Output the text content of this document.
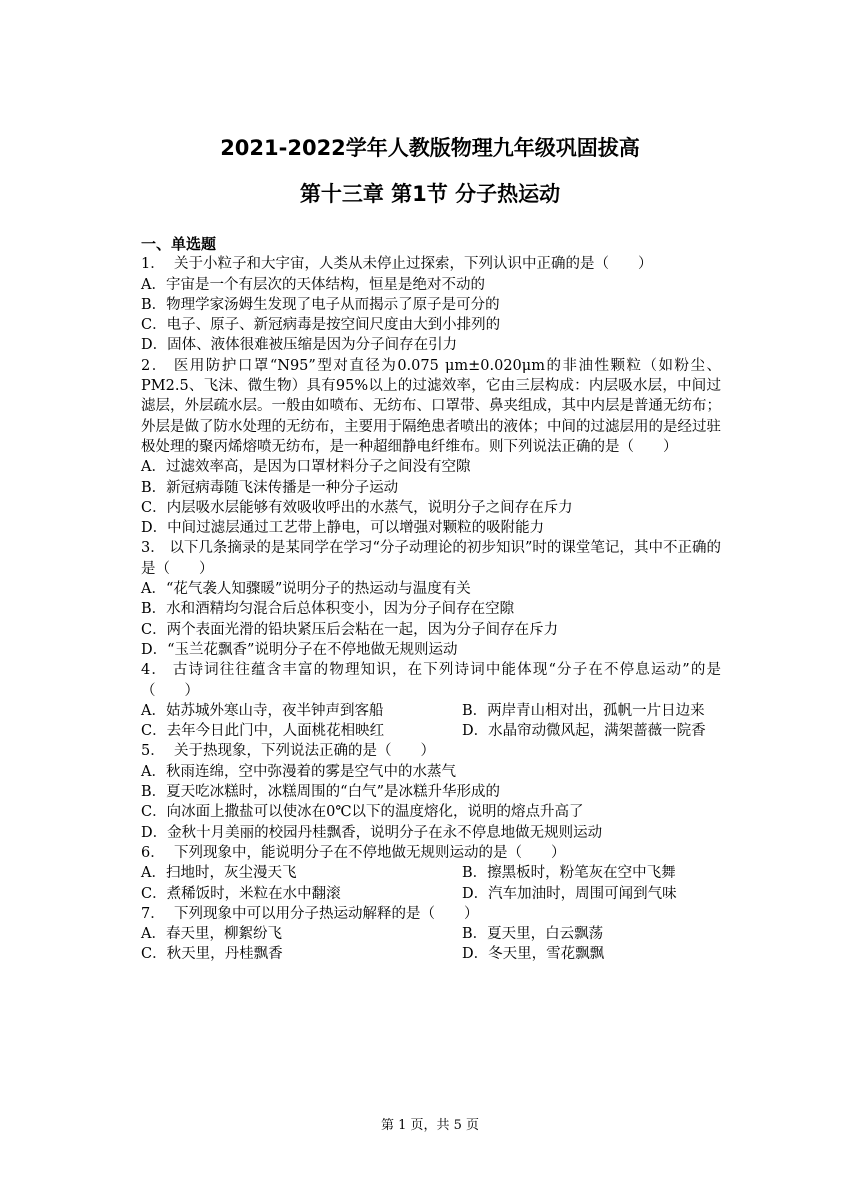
2021-2022学年人教版物理九年级巩固拔高
第十三章 第1节 分子热运动
一、单选题
1．  关于小粒子和大宇宙，人类从未停止过探索，下列认识中正确的是（　　）
A．宇宙是一个有层次的天体结构，恒星是绝对不动的
B．物理学家汤姆生发现了电子从而揭示了原子是可分的
C．电子、原子、新冠病毒是按空间尺度由大到小排列的
D．固体、液体很难被压缩是因为分子间存在引力
2． 医用防护口罩“N95”型对直径为0.075 μm±0.020μm的非油性颗粒（如粉尘、PM2.5、飞沫、微生物）具有95%以上的过滤效率，它由三层构成：内层吸水层，中间过滤层，外层疏水层。一般由如喷布、无纺布、口罩带、鼻夹组成，其中内层是普通无纺布；外层是做了防水处理的无纺布，主要用于隔绝患者喷出的液体；中间的过滤层用的是经过驻极处理的聚丙烯熔喷无纺布，是一种超细静电纤维布。则下列说法正确的是（　　）
A．过滤效率高，是因为口罩材料分子之间没有空隙
B．新冠病毒随飞沫传播是一种分子运动
C．内层吸水层能够有效吸收呼出的水蒸气，说明分子之间存在斥力
D．中间过滤层通过工艺带上静电，可以增强对颗粒的吸附能力
3． 以下几条摘录的是某同学在学习“分子动理论的初步知识”时的课堂笔记，其中不正确的是（　　）
A．“花气袭人知骤暖”说明分子的热运动与温度有关
B．水和酒精均匀混合后总体积变小，因为分子间存在空隙
C．两个表面光滑的铅块紧压后会粘在一起，因为分子间存在斥力
D．“玉兰花飘香”说明分子在不停地做无规则运动
4． 古诗词往往蕴含丰富的物理知识，在下列诗词中能体现“分子在不停息运动”的是（　　）
A．姑苏城外寒山寺，夜半钟声到客船	B．两岸青山相对出，孤帆一片日边来
C．去年今日此门中，人面桃花相映红	D．水晶帘动微风起，满架蔷薇一院香
5．  关于热现象，下列说法正确的是（　　）
A．秋雨连绵，空中弥漫着的雾是空气中的水蒸气
B．夏天吃冰糕时，冰糕周围的“白气”是冰糕升华形成的
C．向冰面上撒盐可以使冰在0℃以下的温度熔化，说明的熔点升高了
D．金秋十月美丽的校园丹桂飘香，说明分子在永不停息地做无规则运动
6．  下列现象中，能说明分子在不停地做无规则运动的是（　　）
A．扫地时，灰尘漫天飞	B．擦黑板时，粉笔灰在空中飞舞
C．煮稀饭时，米粒在水中翻滚	D．汽车加油时，周围可闻到气味
7．  下列现象中可以用分子热运动解释的是（　　）
A．春天里，柳絮纷飞	B．夏天里，白云飘荡
C．秋天里，丹桂飘香	D．冬天里，雪花飘飘
第 1 页，共 5 页
